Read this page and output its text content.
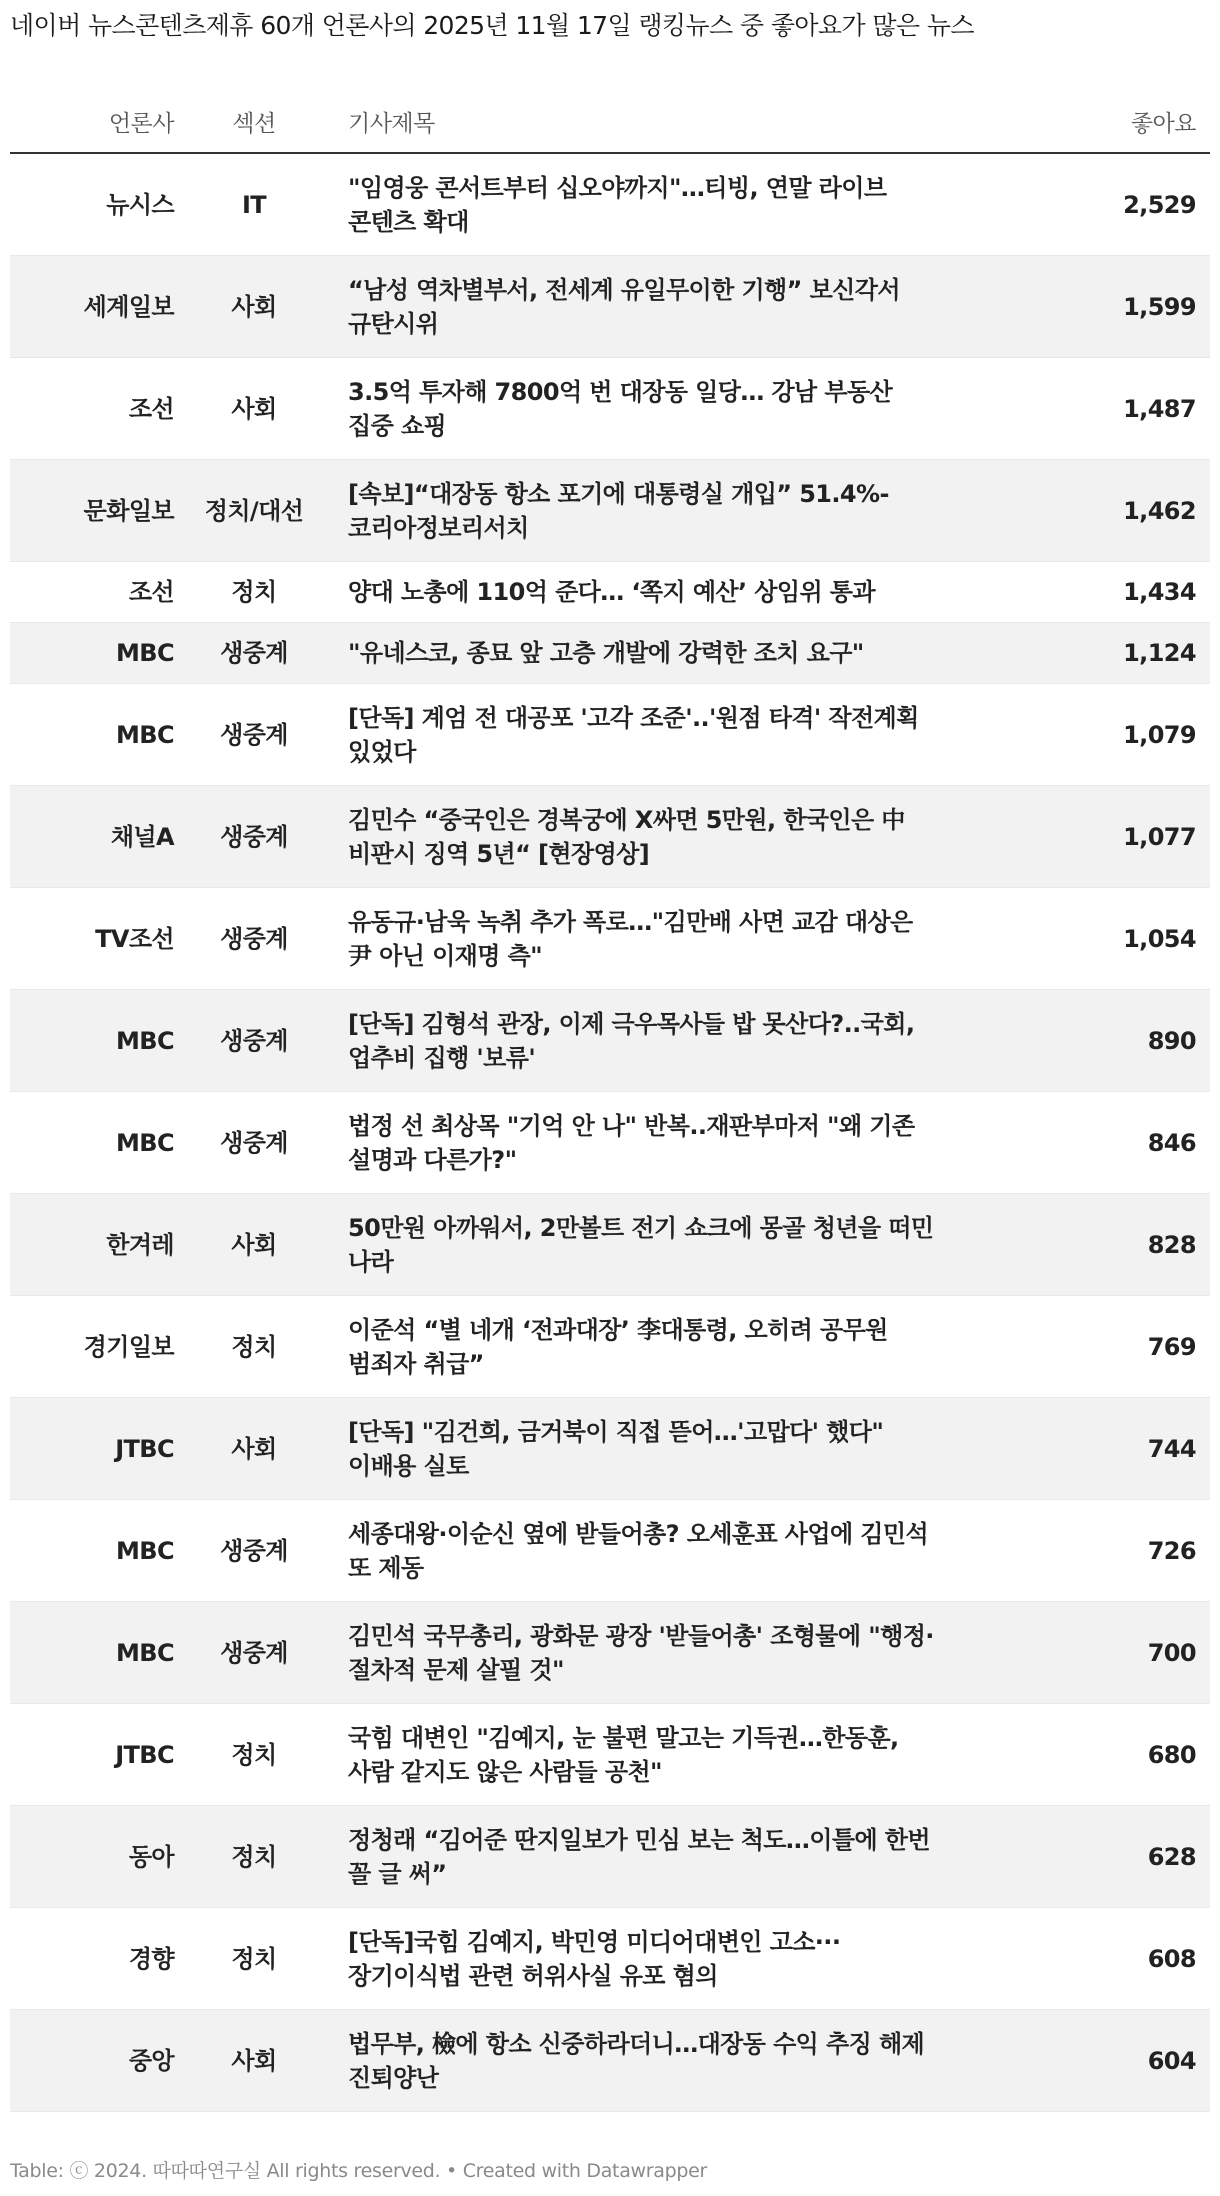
네이버 뉴스콘텐츠제휴 60개 언론사의 2025년 11월 17일 랭킹뉴스 중 좋아요가 많은 뉴스
언론사	섹션	기사제목	좋아요
뉴시스	IT	"임영웅 콘서트부터 십오야까지"…티빙, 연말 라이브 콘텐츠 확대	2,529
세계일보	사회	“남성 역차별부서, 전세계 유일무이한 기행” 보신각서 규탄시위	1,599
조선	사회	3.5억 투자해 7800억 번 대장동 일당… 강남 부동산 집중 쇼핑	1,487
문화일보	정치/대선	[속보]“대장동 항소 포기에 대통령실 개입” 51.4%-코리아정보리서치	1,462
조선	정치	양대 노총에 110억 준다… ‘쪽지 예산’ 상임위 통과	1,434
MBC	생중계	"유네스코, 종묘 앞 고층 개발에 강력한 조치 요구"	1,124
MBC	생중계	[단독] 계엄 전 대공포 '고각 조준'..'원점 타격' 작전계획 있었다	1,079
채널A	생중계	김민수 “중국인은 경복궁에 X싸면 5만원, 한국인은 中 비판시 징역 5년“ [현장영상]	1,077
TV조선	생중계	유동규·남욱 녹취 추가 폭로…"김만배 사면 교감 대상은 尹 아닌 이재명 측"	1,054
MBC	생중계	[단독] 김형석 관장, 이제 극우목사들 밥 못산다?..국회, 업추비 집행 '보류'	890
MBC	생중계	법정 선 최상목 "기억 안 나" 반복..재판부마저 "왜 기존 설명과 다른가?"	846
한겨레	사회	50만원 아까워서, 2만볼트 전기 쇼크에 몽골 청년을 떠민 나라	828
경기일보	정치	이준석 “별 네개 ‘전과대장’ 李대통령, 오히려 공무원 범죄자 취급”	769
JTBC	사회	[단독] "김건희, 금거북이 직접 뜯어…'고맙다' 했다" 이배용 실토	744
MBC	생중계	세종대왕·이순신 옆에 받들어총? 오세훈표 사업에 김민석 또 제동	726
MBC	생중계	김민석 국무총리, 광화문 광장 '받들어총' 조형물에 "행정·절차적 문제 살필 것"	700
JTBC	정치	국힘 대변인 "김예지, 눈 불편 말고는 기득권…한동훈, 사람 같지도 않은 사람들 공천"	680
동아	정치	정청래 “김어준 딴지일보가 민심 보는 척도…이틀에 한번 꼴 글 써”	628
경향	정치	[단독]국힘 김예지, 박민영 미디어대변인 고소···장기이식법 관련 허위사실 유포 혐의	608
중앙	사회	법무부, 檢에 항소 신중하라더니…대장동 수익 추징 해제 진퇴양난	604
Table: ⓒ 2024. 따따따연구실 All rights reserved. • Created with Datawrapper
